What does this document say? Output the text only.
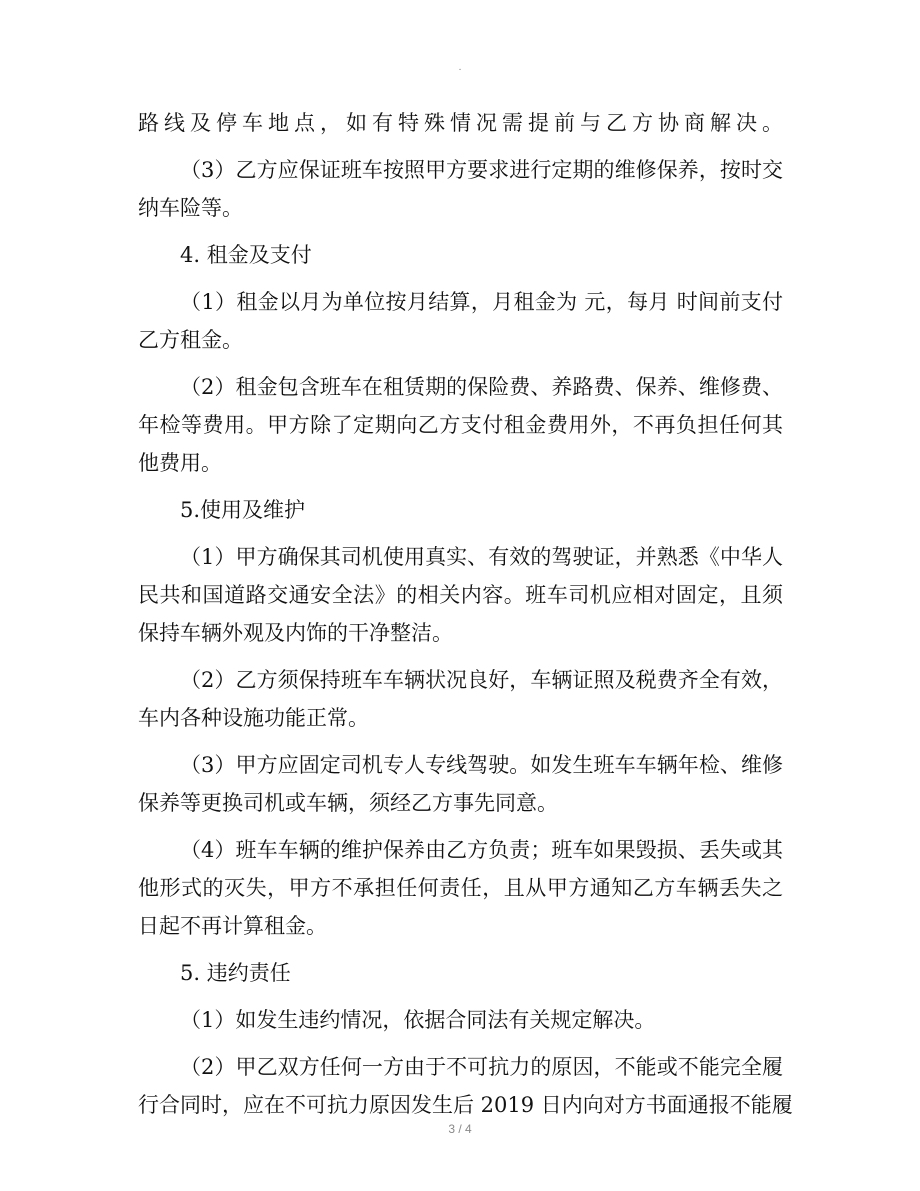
.
路线及停车地点，如有特殊情况需提前与乙方协商解决。
（3）乙方应保证班车按照甲方要求进行定期的维修保养，按时交
纳车险等。
4. 租金及支付
（1）租金以月为单位按月结算，月租金为 元，每月 时间前支付
乙方租金。
（2）租金包含班车在租赁期的保险费、养路费、保养、维修费、
年检等费用。甲方除了定期向乙方支付租金费用外，不再负担任何其
他费用。
5.使用及维护
（1）甲方确保其司机使用真实、有效的驾驶证，并熟悉《中华人
民共和国道路交通安全法》的相关内容。班车司机应相对固定，且须
保持车辆外观及内饰的干净整洁。
（2）乙方须保持班车车辆状况良好，车辆证照及税费齐全有效，
车内各种设施功能正常。
（3）甲方应固定司机专人专线驾驶。如发生班车车辆年检、维修
保养等更换司机或车辆，须经乙方事先同意。
（4）班车车辆的维护保养由乙方负责；班车如果毁损、丢失或其
他形式的灭失，甲方不承担任何责任，且从甲方通知乙方车辆丢失之
日起不再计算租金。
5. 违约责任
（1）如发生违约情况，依据合同法有关规定解决。
（2）甲乙双方任何一方由于不可抗力的原因，不能或不能完全履
行合同时，应在不可抗力原因发生后 2019 日内向对方书面通报不能履
3 / 4
